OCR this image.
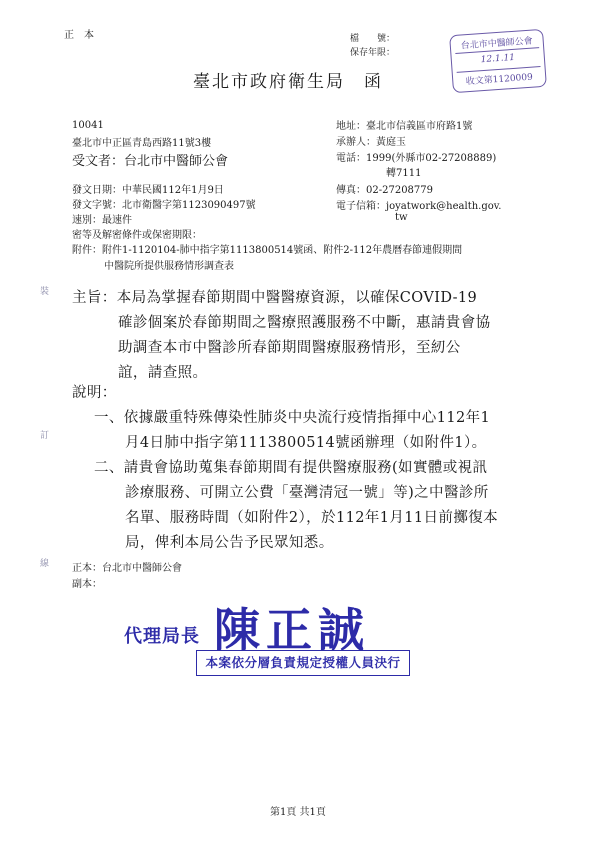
正　本	檔　　號：
保存年限：
台北市中醫師公會
12.1.11
收文第1120009
臺北市政府衛生局　函
10041
臺北市中正區青島西路11號3樓
受文者：台北市中醫師公會
地址：臺北市信義區市府路1號
承辦人：黃庭玉
電話：1999(外縣市02-27208889)
轉7111
傳真：02-27208779
電子信箱：joyatwork@health.gov.
tw
發文日期：中華民國112年1月9日
發文字號：北市衛醫字第1123090497號
速別：最速件
密等及解密條件或保密期限：
附件：附件1-1120104-肺中指字第1113800514號函、附件2-112年農曆春節連假期間
中醫院所提供服務情形調查表
裝
訂
線
主旨：本局為掌握春節期間中醫醫療資源，以確保COVID-19
確診個案於春節期間之醫療照護服務不中斷，惠請貴會協
助調查本市中醫診所春節期間醫療服務情形，至紉公
誼，請查照。
說明：
一、依據嚴重特殊傳染性肺炎中央流行疫情指揮中心112年1
月4日肺中指字第1113800514號函辦理（如附件1）。
二、請貴會協助蒐集春節期間有提供醫療服務(如實體或視訊
診療服務、可開立公費「臺灣清冠一號」等)之中醫診所
名單、服務時間（如附件2），於112年1月11日前擲復本
局，俾利本局公告予民眾知悉。
正本：台北市中醫師公會
副本：
代理局長 陳正誠
本案依分層負責規定授權人員決行
第1頁 共1頁
